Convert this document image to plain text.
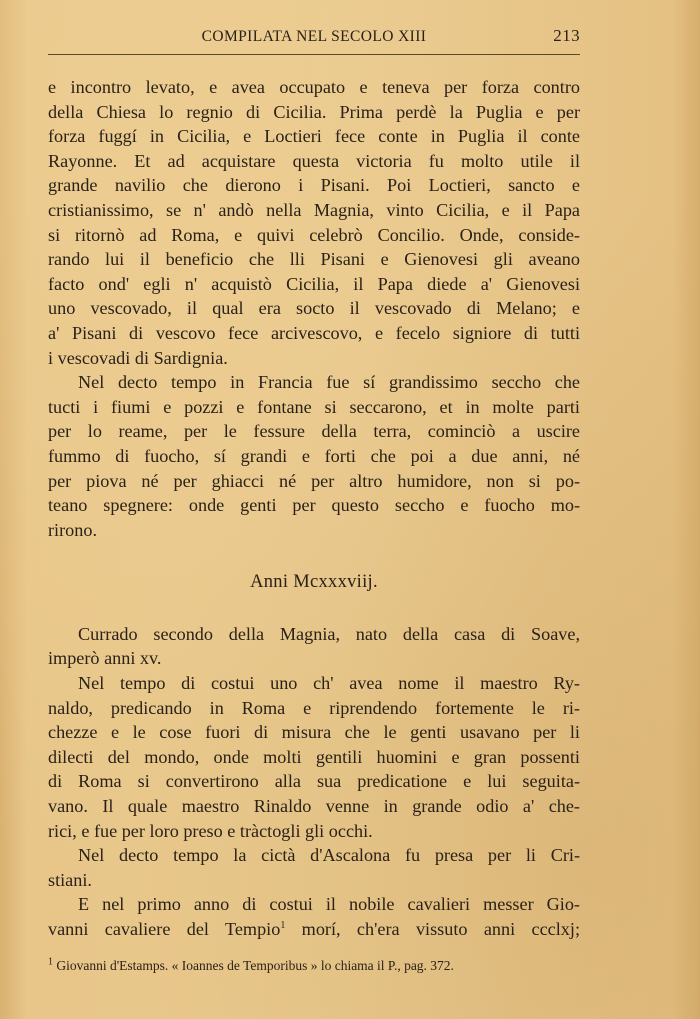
COMPILATA NEL SECOLO XIII	213
e incontro levato, e avea occupato e teneva per forza contro
della Chiesa lo regnio di Cicilia. Prima perdè la Puglia e per
forza fuggí in Cicilia, e Loctieri fece conte in Puglia il conte
Rayonne. Et ad acquistare questa victoria fu molto utile il
grande navilio che dierono i Pisani. Poi Loctieri, sancto e
cristianissimo, se n' andò nella Magnia, vinto Cicilia, e il Papa
si ritornò ad Roma, e quivi celebrò Concilio. Onde, conside-
rando lui il beneficio che lli Pisani e Gienovesi gli aveano
facto ond' egli n' acquistò Cicilia, il Papa diede a' Gienovesi
uno vescovado, il qual era socto il vescovado di Melano; e
a' Pisani di vescovo fece arcivescovo, e fecelo signiore di tutti
i vescovadi di Sardignia.
Nel decto tempo in Francia fue sí grandissimo seccho che
tucti i fiumi e pozzi e fontane si seccarono, et in molte parti
per lo reame, per le fessure della terra, cominciò a uscire
fummo di fuocho, sí grandi e forti che poi a due anni, né
per piova né per ghiacci né per altro humidore, non si po-
teano spegnere: onde genti per questo secchо e fuocho mo-
rirono.
Anni Mcxxxviij.
Currado secondo della Magnia, nato della casa di Soave,
imperò anni xv.
Nel tempo di costui uno ch' avea nome il maestro Ry-
naldo, predicando in Roma e riprendendo fortemente le ri-
chezze e le cose fuori di misura che le genti usavano per li
dilecti del mondo, onde molti gentili huomini e gran possenti
di Roma si convertirono alla sua predicatione e lui seguita-
vano. Il quale maestro Rinaldo venne in grande odio a' che-
rici, e fue per loro preso e tràctogli gli occhi.
Nel decto tempo la cictà d'Ascalona fu presa per li Cri-
stiani.
E nel primo anno di costui il nobile cavalieri messer Gio-
vanni cavaliere del Tempio$^1$ morí, ch'era vissuto anni ccclxj;
$^1$ Giovanni d'Estamps. « Ioannes de Temporibus » lo chiama il P., pag. 372.
